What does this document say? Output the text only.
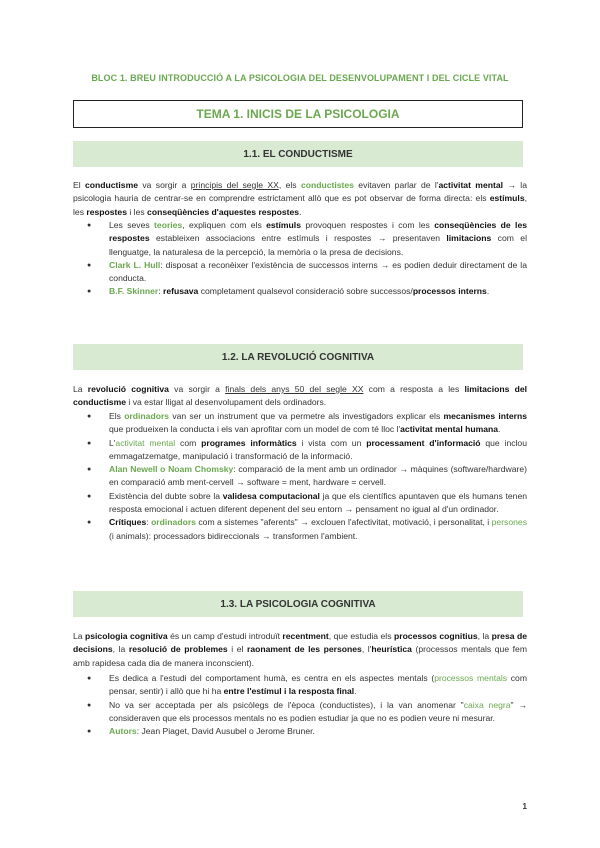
BLOC 1. BREU INTRODUCCIÓ A LA PSICOLOGIA DEL DESENVOLUPAMENT I DEL CICLE VITAL
TEMA 1. INICIS DE LA PSICOLOGIA
1.1. EL CONDUCTISME
El conductisme va sorgir a principis del segle XX, els conductistes evitaven parlar de l'activitat mental → la psicologia hauria de centrar-se en comprendre estrictament allò que es pot observar de forma directa: els estímuls, les respostes i les conseqüències d'aquestes respostes.
● Les seves teories, expliquen com els estímuls provoquen respostes i com les conseqüències de les respostes estableixen associacions entre estímuls i respostes → presentaven limitacions com el llenguatge, la naturalesa de la percepció, la memòria o la presa de decisions.
● Clark L. Hull: disposat a reconèixer l'existència de successos interns → es podien deduir directament de la conducta.
● B.F. Skinner: refusava completament qualsevol consideració sobre successos/processos interns.
1.2. LA REVOLUCIÓ COGNITIVA
La revolució cognitiva va sorgir a finals dels anys 50 del segle XX com a resposta a les limitacions del conductisme i va estar lligat al desenvolupament dels ordinadors.
● Els ordinadors van ser un instrument que va permetre als investigadors explicar els mecanismes interns que produeixen la conducta i els van aprofitar com un model de com té lloc l'activitat mental humana.
● L'activitat mental com programes informàtics i vista com un processament d'informació que inclou emmagatzematge, manipulació i transformació de la informació.
● Alan Newell o Noam Chomsky: comparació de la ment amb un ordinador → màquines (software/hardware) en comparació amb ment-cervell → software = ment, hardware = cervell.
● Existència del dubte sobre la validesa computacional ja que els científics apuntaven que els humans tenen resposta emocional i actuen diferent depenent del seu entorn → pensament no igual al d'un ordinador.
● Crítiques: ordinadors com a sistemes "aferents" → exclouen l'afectivitat, motivació, i personalitat, i persones (i animals): processadors bidireccionals → transformen l'ambient.
1.3. LA PSICOLOGIA COGNITIVA
La psicologia cognitiva és un camp d'estudi introduït recentment, que estudia els processos cognitius, la presa de decisions, la resolució de problemes i el raonament de les persones, l'heurística (processos mentals que fem amb rapidesa cada dia de manera inconscient).
● Es dedica a l'estudi del comportament humà, es centra en els aspectes mentals (processos mentals com pensar, sentir) i allò que hi ha entre l'estímul i la resposta final.
● No va ser acceptada per als psicòlegs de l'època (conductistes), i la van anomenar "caixa negra" → consideraven que els processos mentals no es podien estudiar ja que no es podien veure ni mesurar.
● Autors: Jean Piaget, David Ausubel o Jerome Bruner.
1
